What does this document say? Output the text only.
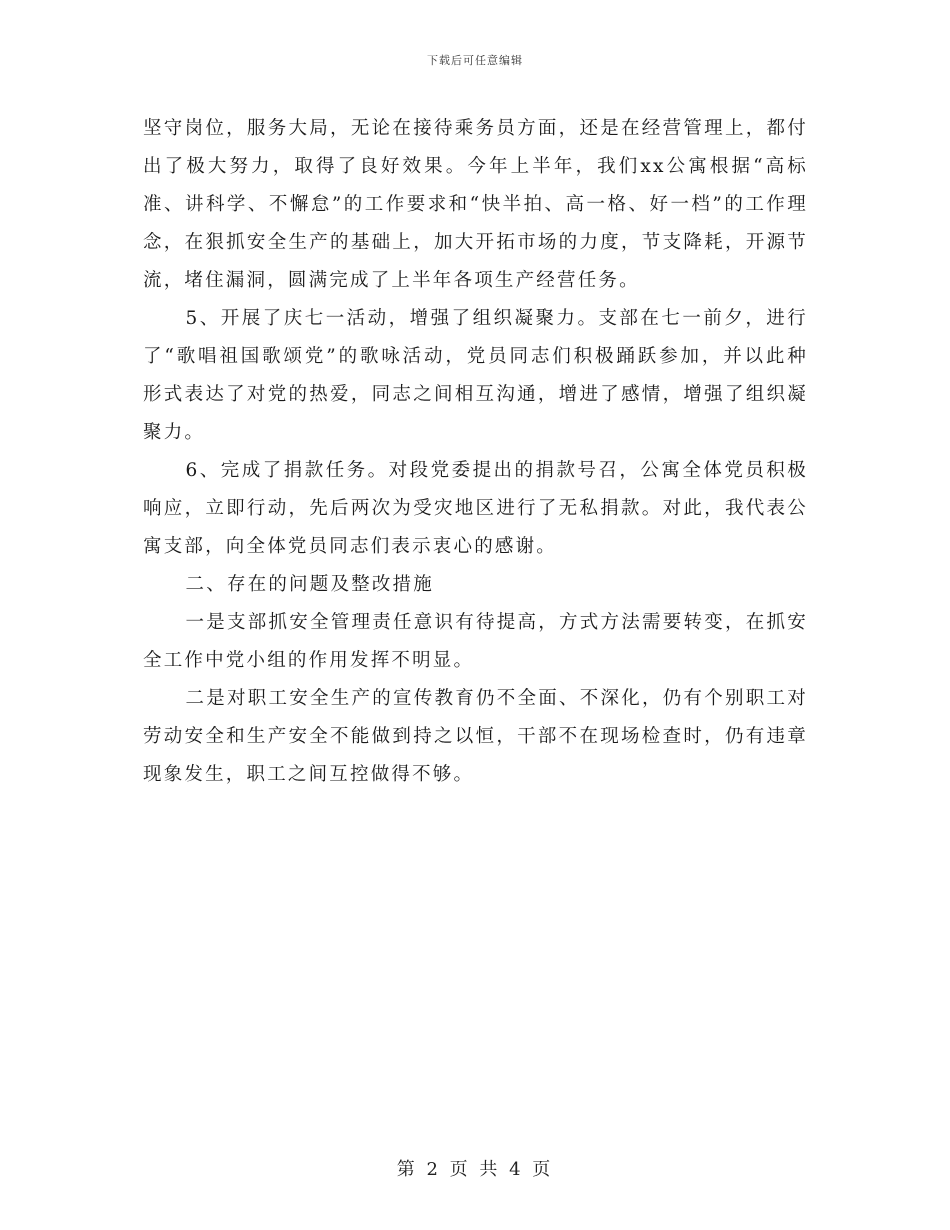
下载后可任意编辑

坚守岗位，服务大局，无论在接待乘务员方面，还是在经营管理上，都付出了极大努力，取得了良好效果。今年上半年，我们xx公寓根据“高标准、讲科学、不懈怠”的工作要求和“快半拍、高一格、好一档”的工作理念，在狠抓安全生产的基础上，加大开拓市场的力度，节支降耗，开源节流，堵住漏洞，圆满完成了上半年各项生产经营任务。

5、开展了庆七一活动，增强了组织凝聚力。支部在七一前夕，进行了“歌唱祖国歌颂党”的歌咏活动，党员同志们积极踊跃参加，并以此种形式表达了对党的热爱，同志之间相互沟通，增进了感情，增强了组织凝聚力。

6、完成了捐款任务。对段党委提出的捐款号召，公寓全体党员积极响应，立即行动，先后两次为受灾地区进行了无私捐款。对此，我代表公寓支部，向全体党员同志们表示衷心的感谢。

二、存在的问题及整改措施

一是支部抓安全管理责任意识有待提高，方式方法需要转变，在抓安全工作中党小组的作用发挥不明显。

二是对职工安全生产的宣传教育仍不全面、不深化，仍有个别职工对劳动安全和生产安全不能做到持之以恒，干部不在现场检查时，仍有违章现象发生，职工之间互控做得不够。

第 2 页 共 4 页
